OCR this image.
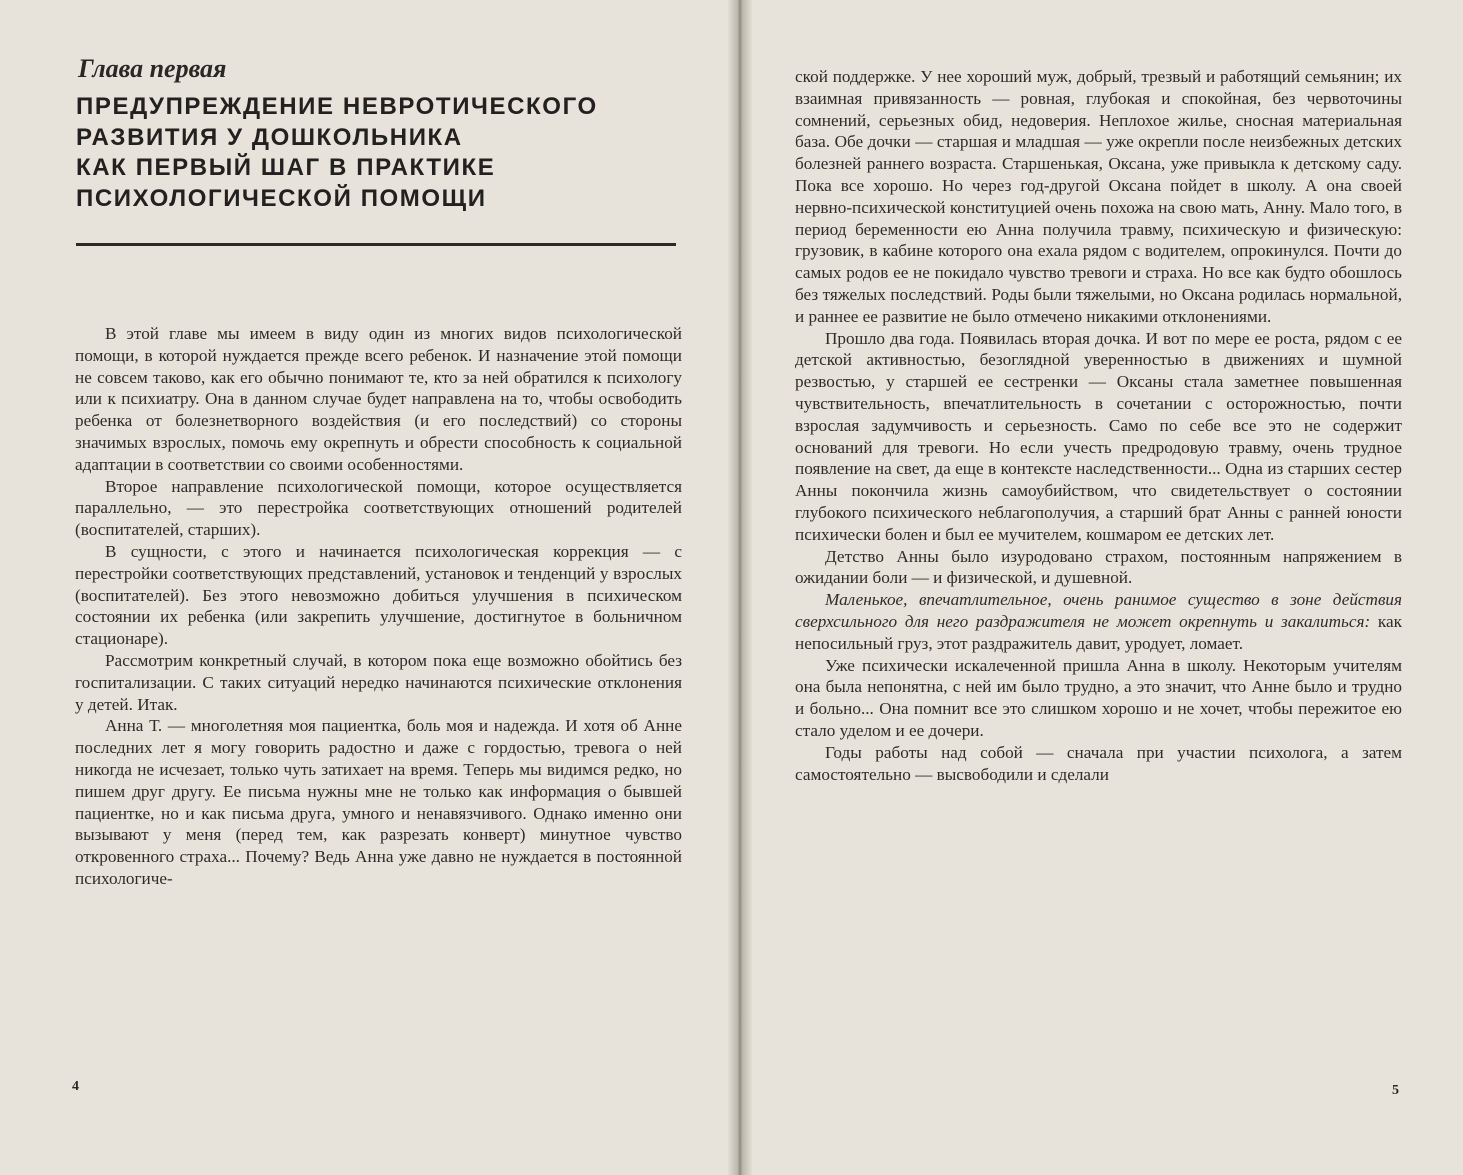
Глава первая
ПРЕДУПРЕЖДЕНИЕ НЕВРОТИЧЕСКОГО
РАЗВИТИЯ У ДОШКОЛЬНИКА
КАК ПЕРВЫЙ ШАГ В ПРАКТИКЕ
ПСИХОЛОГИЧЕСКОЙ ПОМОЩИ

В этой главе мы имеем в виду один из многих видов психологической помощи, в которой нуждается прежде всего ребенок. И назначение этой помощи не совсем таково, как его обычно понимают те, кто за ней обратился к психологу или к психиатру. Она в данном случае будет направлена на то, чтобы освободить ребенка от болезнетворного воздействия (и его последствий) со стороны значимых взрослых, помочь ему окрепнуть и обрести способность к социальной адаптации в соответствии со своими особенностями.

Второе направление психологической помощи, которое осуществляется параллельно, — это перестройка соответствующих отношений родителей (воспитателей, старших).

В сущности, с этого и начинается психологическая коррекция — с перестройки соответствующих представлений, установок и тенденций у взрослых (воспитателей). Без этого невозможно добиться улучшения в психическом состоянии их ребенка (или закрепить улучшение, достигнутое в больничном стационаре).

Рассмотрим конкретный случай, в котором пока еще возможно обойтись без госпитализации. С таких ситуаций нередко начинаются психические отклонения у детей. Итак.

Анна Т. — многолетняя моя пациентка, боль моя и надежда. И хотя об Анне последних лет я могу говорить радостно и даже с гордостью, тревога о ней никогда не исчезает, только чуть затихает на время. Теперь мы видимся редко, но пишем друг другу. Ее письма нужны мне не только как информация о бывшей пациентке, но и как письма друга, умного и ненавязчивого. Однако именно они вызывают у меня (перед тем, как разрезать конверт) минутное чувство откровенного страха... Почему? Ведь Анна уже давно не нуждается в постоянной психологиче-

4

ской поддержке. У нее хороший муж, добрый, трезвый и работящий семьянин; их взаимная привязанность — ровная, глубокая и спокойная, без червоточины сомнений, серьезных обид, недоверия. Неплохое жилье, сносная материальная база. Обе дочки — старшая и младшая — уже окрепли после неизбежных детских болезней раннего возраста. Старшенькая, Оксана, уже привыкла к детскому саду. Пока все хорошо. Но через год-другой Оксана пойдет в школу. А она своей нервно-психической конституцией очень похожа на свою мать, Анну. Мало того, в период беременности ею Анна получила травму, психическую и физическую: грузовик, в кабине которого она ехала рядом с водителем, опрокинулся. Почти до самых родов ее не покидало чувство тревоги и страха. Но все как будто обошлось без тяжелых последствий. Роды были тяжелыми, но Оксана родилась нормальной, и раннее ее развитие не было отмечено никакими отклонениями.

Прошло два года. Появилась вторая дочка. И вот по мере ее роста, рядом с ее детской активностью, безоглядной уверенностью в движениях и шумной резвостью, у старшей ее сестренки — Оксаны стала заметнее повышенная чувствительность, впечатлительность в сочетании с осторожностью, почти взрослая задумчивость и серьезность. Само по себе все это не содержит оснований для тревоги. Но если учесть предродовую травму, очень трудное появление на свет, да еще в контексте наследственности... Одна из старших сестер Анны покончила жизнь самоубийством, что свидетельствует о состоянии глубокого психического неблагополучия, а старший брат Анны с ранней юности психически болен и был ее мучителем, кошмаром ее детских лет.

Детство Анны было изуродовано страхом, постоянным напряжением в ожидании боли — и физической, и душевной.

Маленькое, впечатлительное, очень ранимое существо в зоне действия сверхсильного для него раздражителя не может окрепнуть и закалиться: как непосильный груз, этот раздражитель давит, уродует, ломает.

Уже психически искалеченной пришла Анна в школу. Некоторым учителям она была непонятна, с ней им было трудно, а это значит, что Анне было и трудно и больно... Она помнит все это слишком хорошо и не хочет, чтобы пережитое ею стало уделом и ее дочери.

Годы работы над собой — сначала при участии психолога, а затем самостоятельно — высвободили и сделали

5
